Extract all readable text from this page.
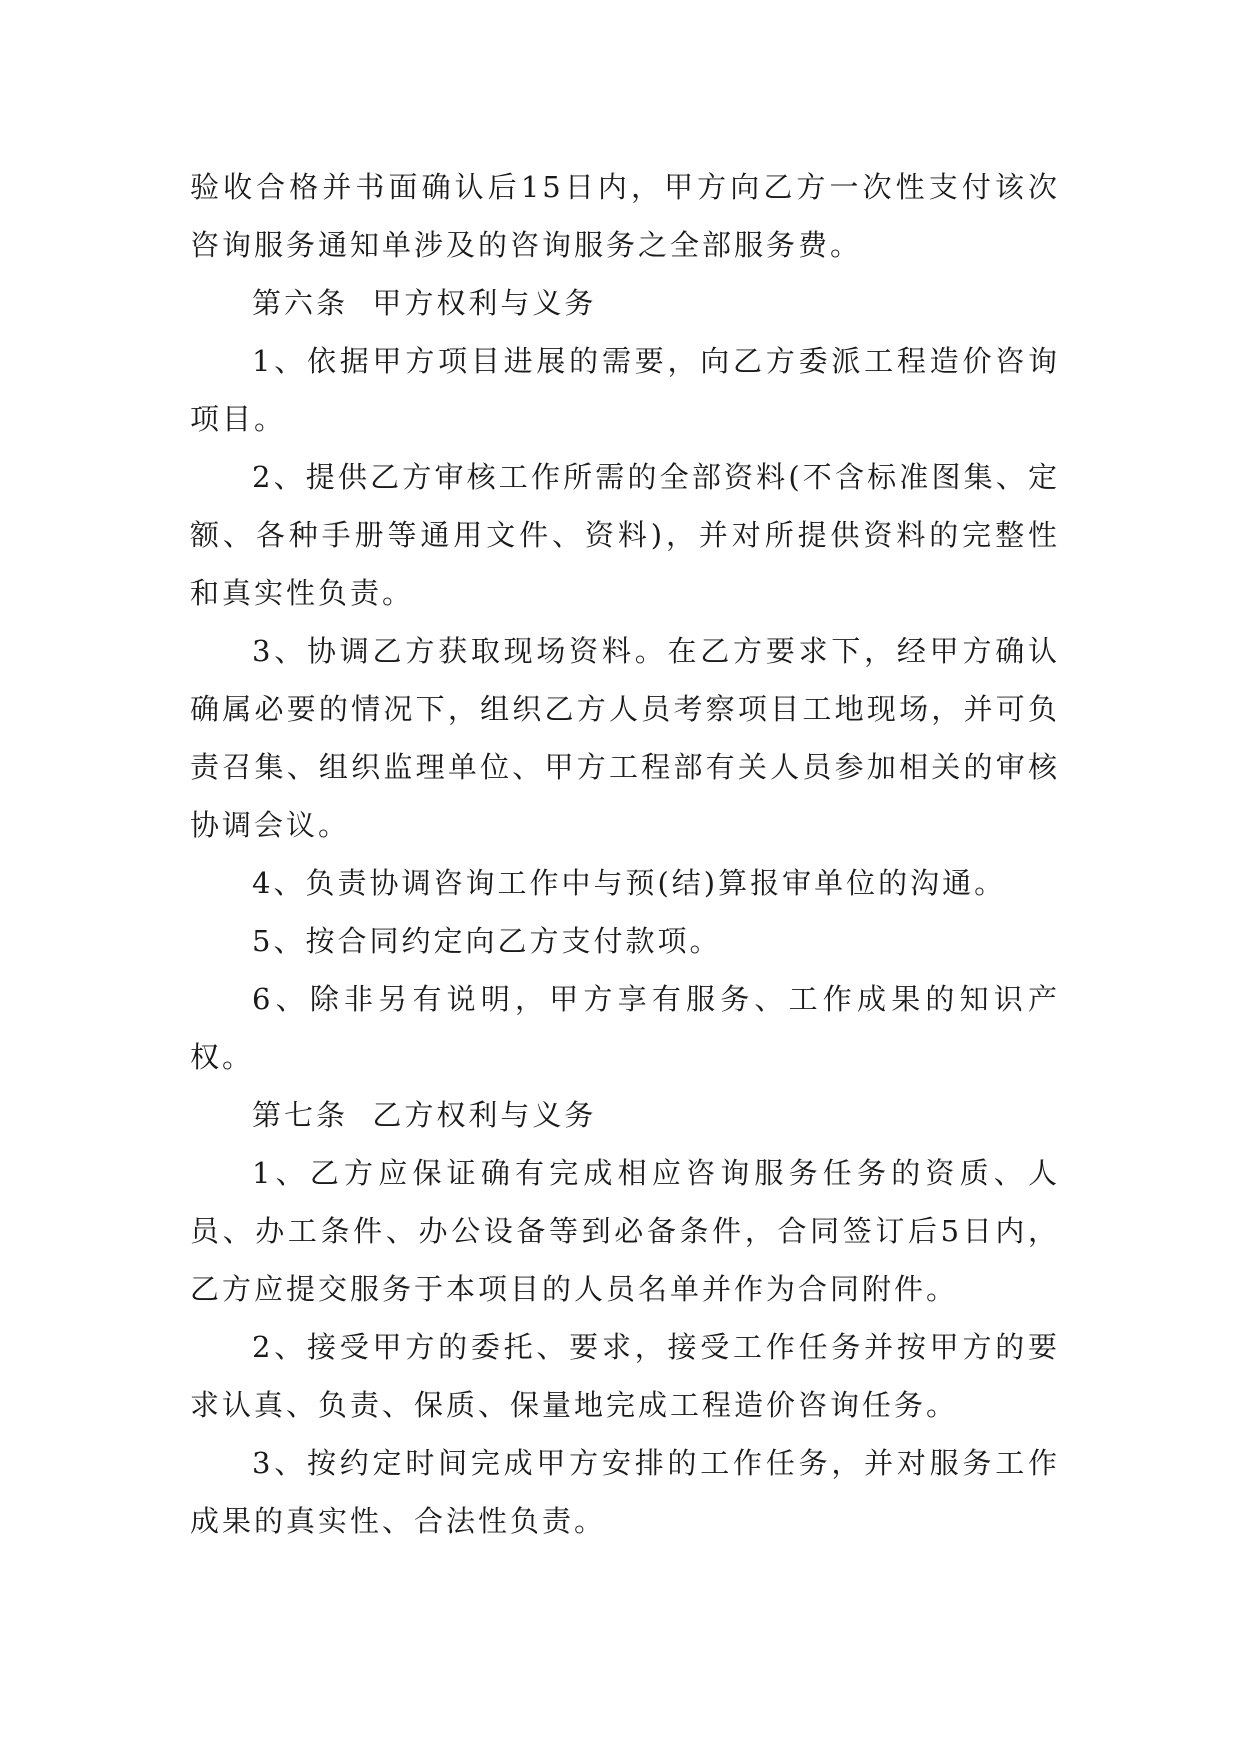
验收合格并书面确认后15日内，甲方向乙方一次性支付该次咨询服务通知单涉及的咨询服务之全部服务费。

第六条  甲方权利与义务

1、依据甲方项目进展的需要，向乙方委派工程造价咨询项目。

2、提供乙方审核工作所需的全部资料(不含标准图集、定额、各种手册等通用文件、资料)，并对所提供资料的完整性和真实性负责。

3、协调乙方获取现场资料。在乙方要求下，经甲方确认确属必要的情况下，组织乙方人员考察项目工地现场，并可负责召集、组织监理单位、甲方工程部有关人员参加相关的审核协调会议。

4、负责协调咨询工作中与预(结)算报审单位的沟通。

5、按合同约定向乙方支付款项。

6、除非另有说明，甲方享有服务、工作成果的知识产权。

第七条  乙方权利与义务

1、乙方应保证确有完成相应咨询服务任务的资质、人员、办工条件、办公设备等到必备条件，合同签订后5日内，乙方应提交服务于本项目的人员名单并作为合同附件。

2、接受甲方的委托、要求，接受工作任务并按甲方的要求认真、负责、保质、保量地完成工程造价咨询任务。

3、按约定时间完成甲方安排的工作任务，并对服务工作成果的真实性、合法性负责。
